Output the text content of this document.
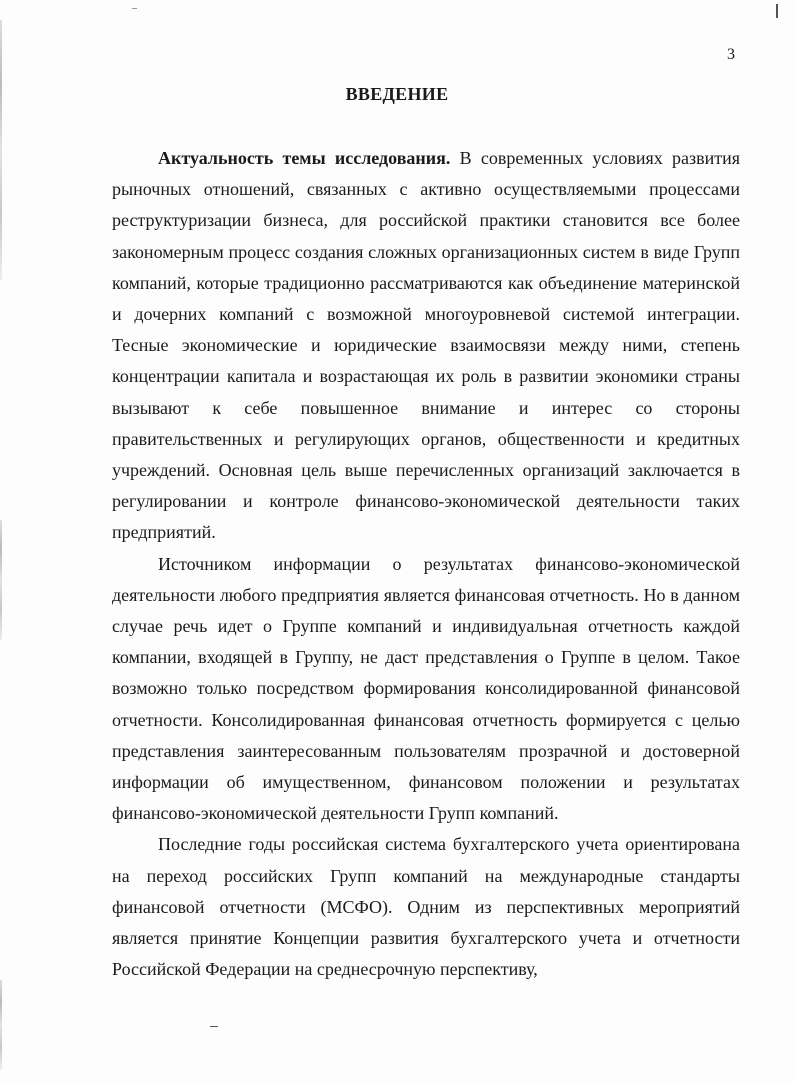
3
ВВЕДЕНИЕ

Актуальность темы исследования. В современных условиях развития рыночных отношений, связанных с активно осуществляемыми процессами реструктуризации бизнеса, для российской практики становится все более закономерным процесс создания сложных организационных систем в виде Групп компаний, которые традиционно рассматриваются как объединение материнской и дочерних компаний с возможной многоуровневой системой интеграции. Тесные экономические и юридические взаимосвязи между ними, степень концентрации капитала и возрастающая их роль в развитии экономики страны вызывают к себе повышенное внимание и интерес со стороны правительственных и регулирующих органов, общественности и кредитных учреждений. Основная цель выше перечисленных организаций заключается в регулировании и контроле финансово-экономической деятельности таких предприятий.

Источником информации о результатах финансово-экономической деятельности любого предприятия является финансовая отчетность. Но в данном случае речь идет о Группе компаний и индивидуальная отчетность каждой компании, входящей в Группу, не даст представления о Группе в целом. Такое возможно только посредством формирования консолидированной финансовой отчетности. Консолидированная финансовая отчетность формируется с целью представления заинтересованным пользователям прозрачной и достоверной информации об имущественном, финансовом положении и результатах финансово-экономической деятельности Групп компаний.

Последние годы российская система бухгалтерского учета ориентирована на переход российских Групп компаний на международные стандарты финансовой отчетности (МСФО). Одним из перспективных мероприятий является принятие Концепции развития бухгалтерского учета и отчетности Российской Федерации на среднесрочную перспективу,
